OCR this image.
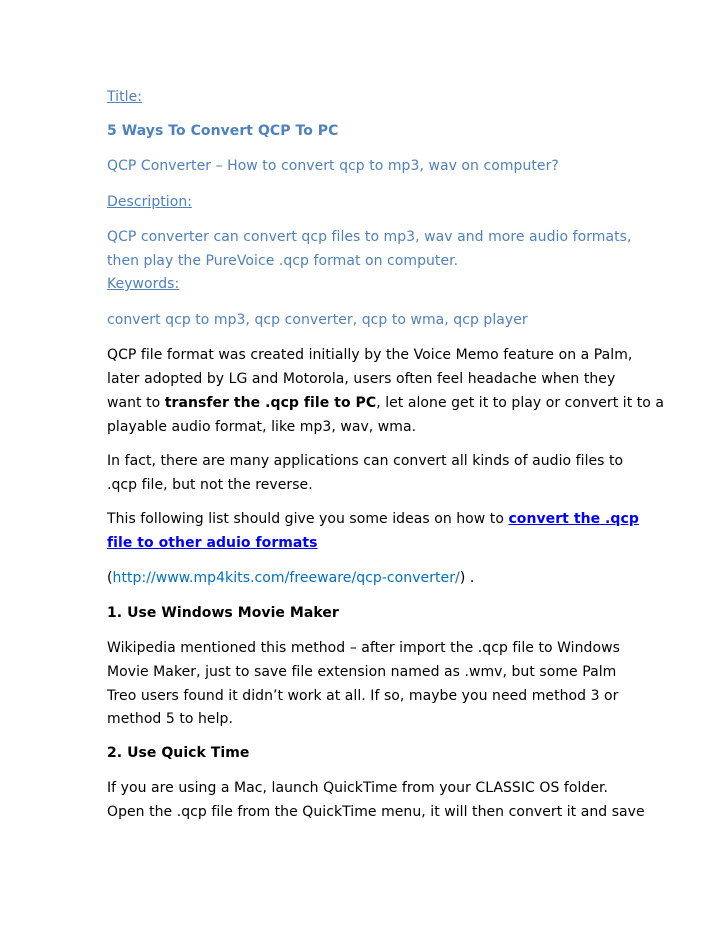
Title:
5 Ways To Convert QCP To PC
QCP Converter – How to convert qcp to mp3, wav on computer?
Description:
QCP converter can convert qcp files to mp3, wav and more audio formats,
then play the PureVoice .qcp format on computer.
Keywords:
convert qcp to mp3, qcp converter, qcp to wma, qcp player
QCP file format was created initially by the Voice Memo feature on a Palm,
later adopted by LG and Motorola, users often feel headache when they
want to transfer the .qcp file to PC, let alone get it to play or convert it to a
playable audio format, like mp3, wav, wma.
In fact, there are many applications can convert all kinds of audio files to
.qcp file, but not the reverse.
This following list should give you some ideas on how to convert the .qcp
file to other aduio formats
(http://www.mp4kits.com/freeware/qcp-converter/) .
1. Use Windows Movie Maker
Wikipedia mentioned this method – after import the .qcp file to Windows
Movie Maker, just to save file extension named as .wmv, but some Palm
Treo users found it didn’t work at all. If so, maybe you need method 3 or
method 5 to help.
2. Use Quick Time
If you are using a Mac, launch QuickTime from your CLASSIC OS folder.
Open the .qcp file from the QuickTime menu, it will then convert it and save
